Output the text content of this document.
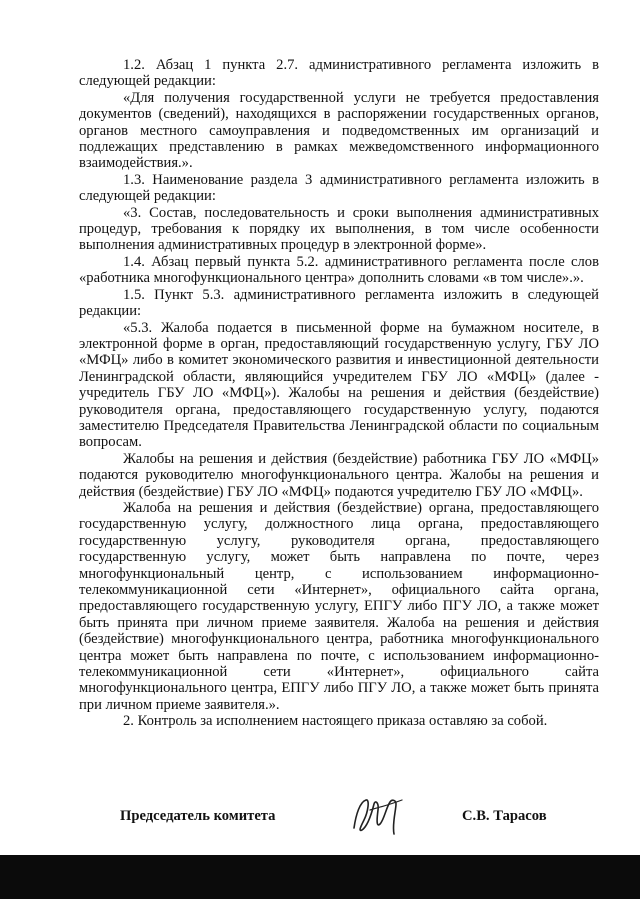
1.2. Абзац 1 пункта 2.7. административного регламента изложить в следующей редакции:

«Для получения государственной услуги не требуется предоставления документов (сведений), находящихся в распоряжении государственных органов, органов местного самоуправления и подведомственных им организаций и подлежащих представлению в рамках межведомственного информационного взаимодействия.».

1.3. Наименование раздела 3 административного регламента изложить в следующей редакции:

«3. Состав, последовательность и сроки выполнения административных процедур, требования к порядку их выполнения, в том числе особенности выполнения административных процедур в электронной форме».

1.4. Абзац первый пункта 5.2. административного регламента после слов «работника многофункционального центра» дополнить словами «в том числе».».

1.5. Пункт 5.3. административного регламента изложить в следующей редакции:

«5.3. Жалоба подается в письменной форме на бумажном носителе, в электронной форме в орган, предоставляющий государственную услугу, ГБУ ЛО «МФЦ» либо в комитет экономического развития и инвестиционной деятельности Ленинградской области, являющийся учредителем ГБУ ЛО «МФЦ» (далее - учредитель ГБУ ЛО «МФЦ»). Жалобы на решения и действия (бездействие) руководителя органа, предоставляющего государственную услугу, подаются заместителю Председателя Правительства Ленинградской области по социальным вопросам.

Жалобы на решения и действия (бездействие) работника ГБУ ЛО «МФЦ» подаются руководителю многофункционального центра. Жалобы на решения и действия (бездействие) ГБУ ЛО «МФЦ» подаются учредителю ГБУ ЛО «МФЦ».

Жалоба на решения и действия (бездействие) органа, предоставляющего государственную услугу, должностного лица органа, предоставляющего государственную услугу, руководителя органа, предоставляющего государственную услугу, может быть направлена по почте, через многофункциональный центр, с использованием информационно-телекоммуникационной сети «Интернет», официального сайта органа, предоставляющего государственную услугу, ЕПГУ либо ПГУ ЛО, а также может быть принята при личном приеме заявителя. Жалоба на решения и действия (бездействие) многофункционального центра, работника многофункционального центра может быть направлена по почте, с использованием информационно-телекоммуникационной сети «Интернет», официального сайта многофункционального центра, ЕПГУ либо ПГУ ЛО, а также может быть принята при личном приеме заявителя.».

2. Контроль за исполнением настоящего приказа оставляю за собой.

Председатель комитета	С.В. Тарасов
